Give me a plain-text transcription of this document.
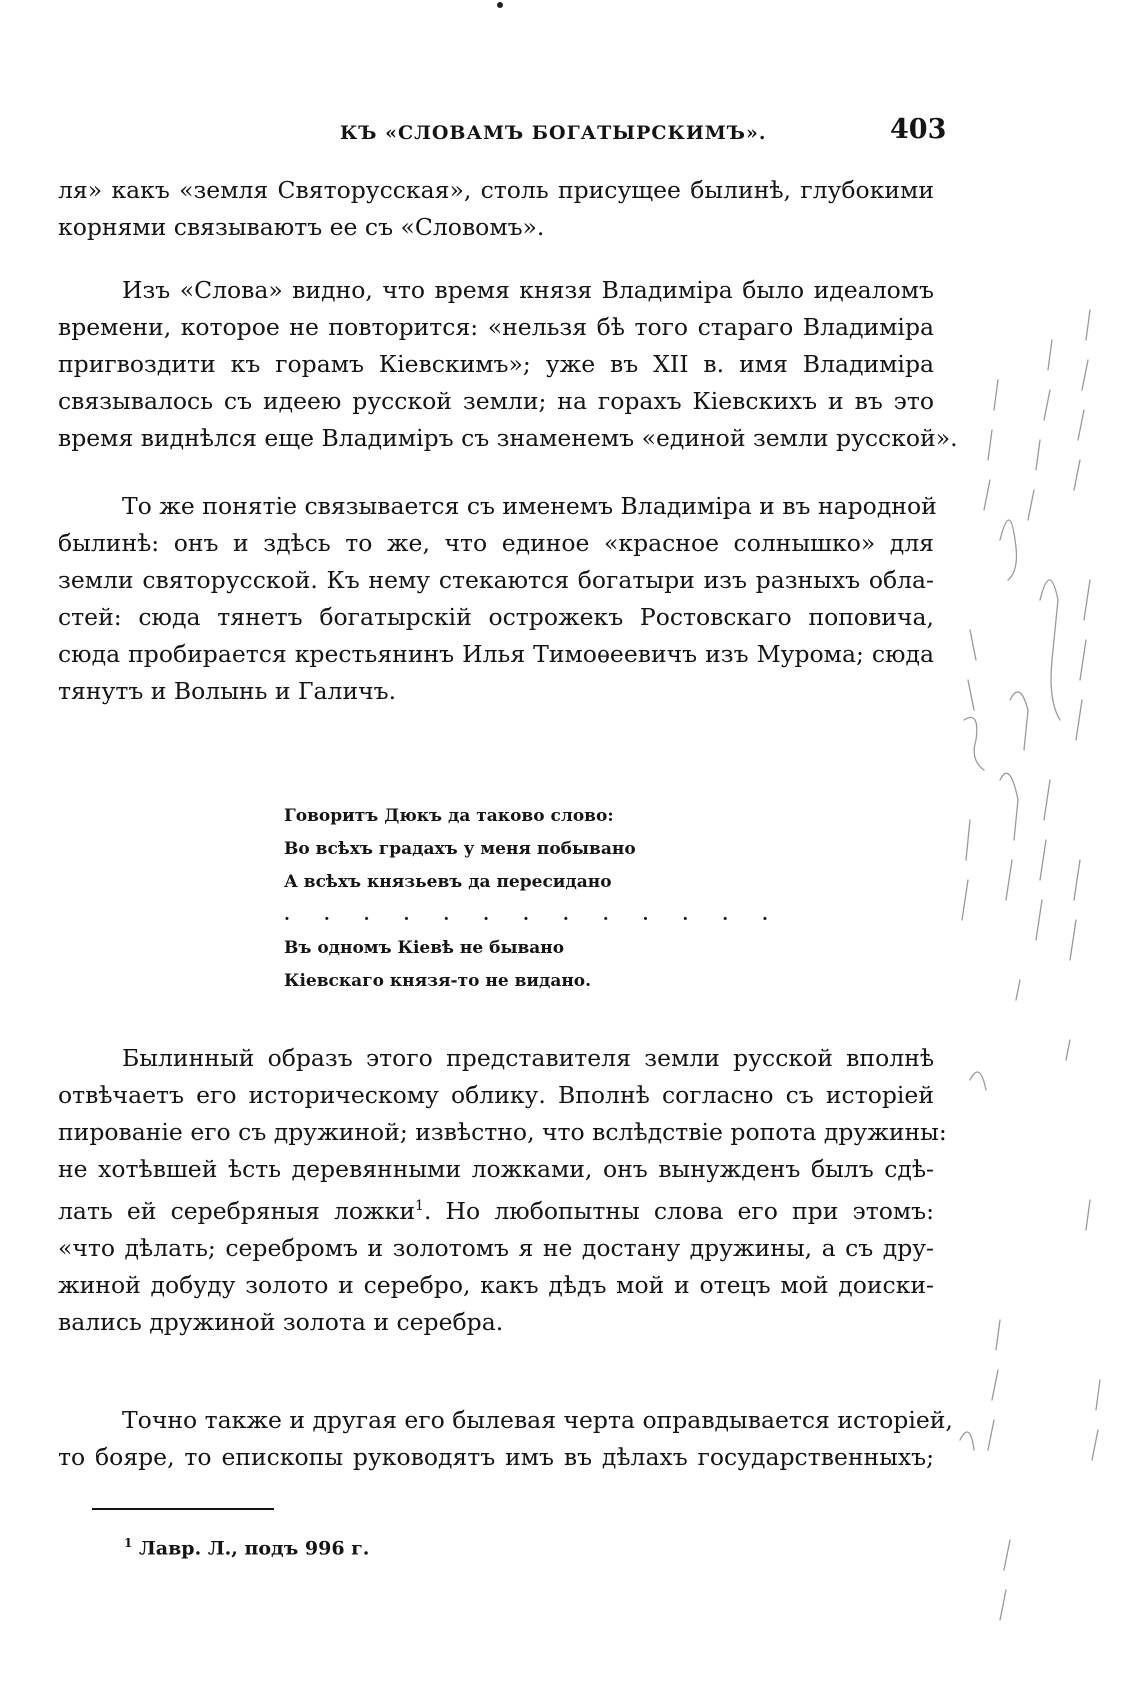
КЪ «СЛОВАМЪ БОГАТЫРСКИМЪ».	403
ля» какъ «земля Святорусская», столь присущее былинѣ, глубокими
корнями связываютъ ее съ «Словомъ».
Изъ «Слова» видно, что время князя Владиміра было идеаломъ
времени, которое не повторится: «нельзя бѣ того стараго Владиміра
пригвоздити къ горамъ Кіевскимъ»; уже въ XII в. имя Владиміра
связывалось съ идеею русской земли; на горахъ Кіевскихъ и въ это
время виднѣлся еще Владиміръ съ знаменемъ «единой земли русской».
То же понятіе связывается съ именемъ Владиміра и въ народной
былинѣ: онъ и здѣсь то же, что единое «красное солнышко» для
земли святорусской. Къ нему стекаются богатыри изъ разныхъ обла-
стей: сюда тянетъ богатырскій острожекъ Ростовскаго поповича,
сюда пробирается крестьянинъ Илья Тимоѳеевичъ изъ Мурома; сюда
тянутъ и Волынь и Галичъ.
Говоритъ Дюкъ да таково слово:
Во всѣхъ градахъ у меня побывано
А всѣхъ князьевъ да пересидано
. . . . . . . . . . . . .
Въ одномъ Кіевѣ не бывано
Кіевскаго князя-то не видано.
Былинный образъ этого представителя земли русской вполнѣ
отвѣчаетъ его историческому облику. Вполнѣ согласно съ исторіей
пированіе его съ дружиной; извѣстно, что вслѣдствіе ропота дружины:
не хотѣвшей ѣсть деревянными ложками, онъ вынужденъ былъ сдѣ-
лать ей серебряныя ложки$^1$. Но любопытны слова его при этомъ:
«что дѣлать; серебромъ и золотомъ я не достану дружины, а съ дру-
жиной добуду золото и серебро, какъ дѣдъ мой и отецъ мой доиски-
вались дружиной золота и серебра.
Точно также и другая его былевая черта оправдывается исторіей,
то бояре, то епископы руководятъ имъ въ дѣлахъ государственныхъ;
$^1$ Лавр. Л., подъ 996 г.
